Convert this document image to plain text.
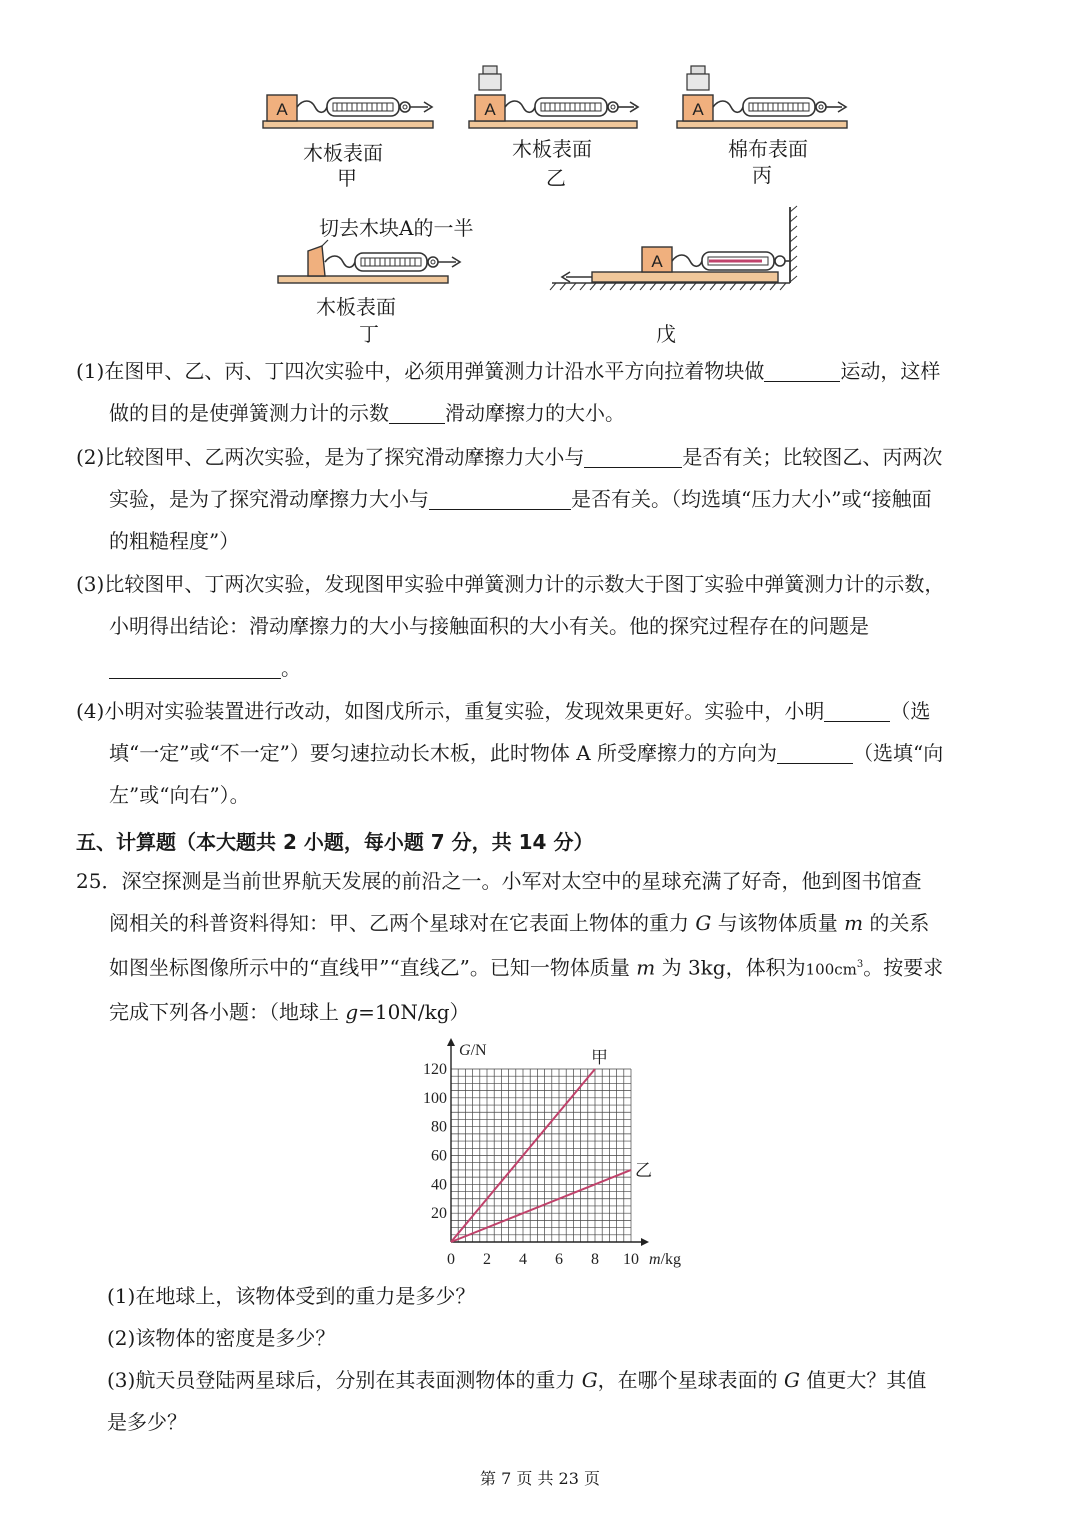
A	A	A
A
木板表面
甲
木板表面
乙
棉布表面
丙
切去木块A的一半
木板表面
丁	戊
(1)在图甲、乙、丙、丁四次实验中，必须用弹簧测力计沿水平方向拉着物块做	运动，这样
做的目的是使弹簧测力计的示数	滑动摩擦力的大小。
(2)比较图甲、乙两次实验，是为了探究滑动摩擦力大小与	是否有关；比较图乙、丙两次
实验，是为了探究滑动摩擦力大小与	是否有关。（均选填“压力大小”或“接触面
的粗糙程度”）
(3)比较图甲、丁两次实验，发现图甲实验中弹簧测力计的示数大于图丁实验中弹簧测力计的示数，
小明得出结论：滑动摩擦力的大小与接触面积的大小有关。他的探究过程存在的问题是
。
(4)小明对实验装置进行改动，如图戊所示，重复实验，发现效果更好。实验中，小明	（选
填“一定”或“不一定”）要匀速拉动长木板，此时物体 A 所受摩擦力的方向为	（选填“向
左”或“向右”）。
五、计算题（本大题共 2 小题，每小题 7 分，共 14 分）
25．深空探测是当前世界航天发展的前沿之一。小军对太空中的星球充满了好奇，他到图书馆查
阅相关的科普资料得知：甲、乙两个星球对在它表面上物体的重力 G 与该物体质量 m 的关系
如图坐标图像所示中的“直线甲”“直线乙”。已知一物体质量 m 为 3kg，体积为$100cm^3$。按要求
完成下列各小题：（地球上 g=10N/kg）
0 2 4 6 8 10
20
40
60
80
100
120
G/N
m/kg
甲
乙
(1)在地球上，该物体受到的重力是多少？
(2)该物体的密度是多少？
(3)航天员登陆两星球后，分别在其表面测物体的重力 G，在哪个星球表面的 G 值更大？其值
是多少？
第 7 页 共 23 页
